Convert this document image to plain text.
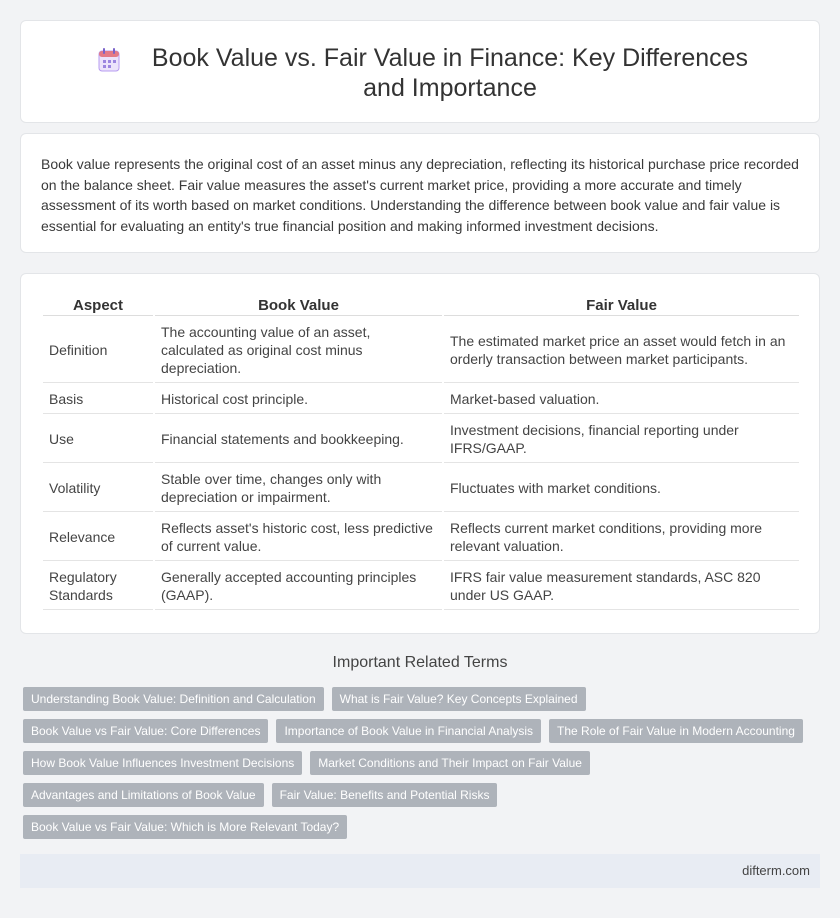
Book Value vs. Fair Value in Finance: Key Differences and Importance

Book value represents the original cost of an asset minus any depreciation, reflecting its historical purchase price recorded on the balance sheet. Fair value measures the asset's current market price, providing a more accurate and timely assessment of its worth based on market conditions. Understanding the difference between book value and fair value is essential for evaluating an entity's true financial position and making informed investment decisions.

Aspect	Book Value	Fair Value
Definition	The accounting value of an asset, calculated as original cost minus depreciation.	The estimated market price an asset would fetch in an orderly transaction between market participants.
Basis	Historical cost principle.	Market-based valuation.
Use	Financial statements and bookkeeping.	Investment decisions, financial reporting under IFRS/GAAP.
Volatility	Stable over time, changes only with depreciation or impairment.	Fluctuates with market conditions.
Relevance	Reflects asset's historic cost, less predictive of current value.	Reflects current market conditions, providing more relevant valuation.
Regulatory Standards	Generally accepted accounting principles (GAAP).	IFRS fair value measurement standards, ASC 820 under US GAAP.
Important Related Terms
Understanding Book Value: Definition and Calculation	What is Fair Value? Key Concepts Explained
Book Value vs Fair Value: Core Differences	Importance of Book Value in Financial Analysis	The Role of Fair Value in Modern Accounting
How Book Value Influences Investment Decisions	Market Conditions and Their Impact on Fair Value
Advantages and Limitations of Book Value	Fair Value: Benefits and Potential Risks
Book Value vs Fair Value: Which is More Relevant Today?
difterm.com
